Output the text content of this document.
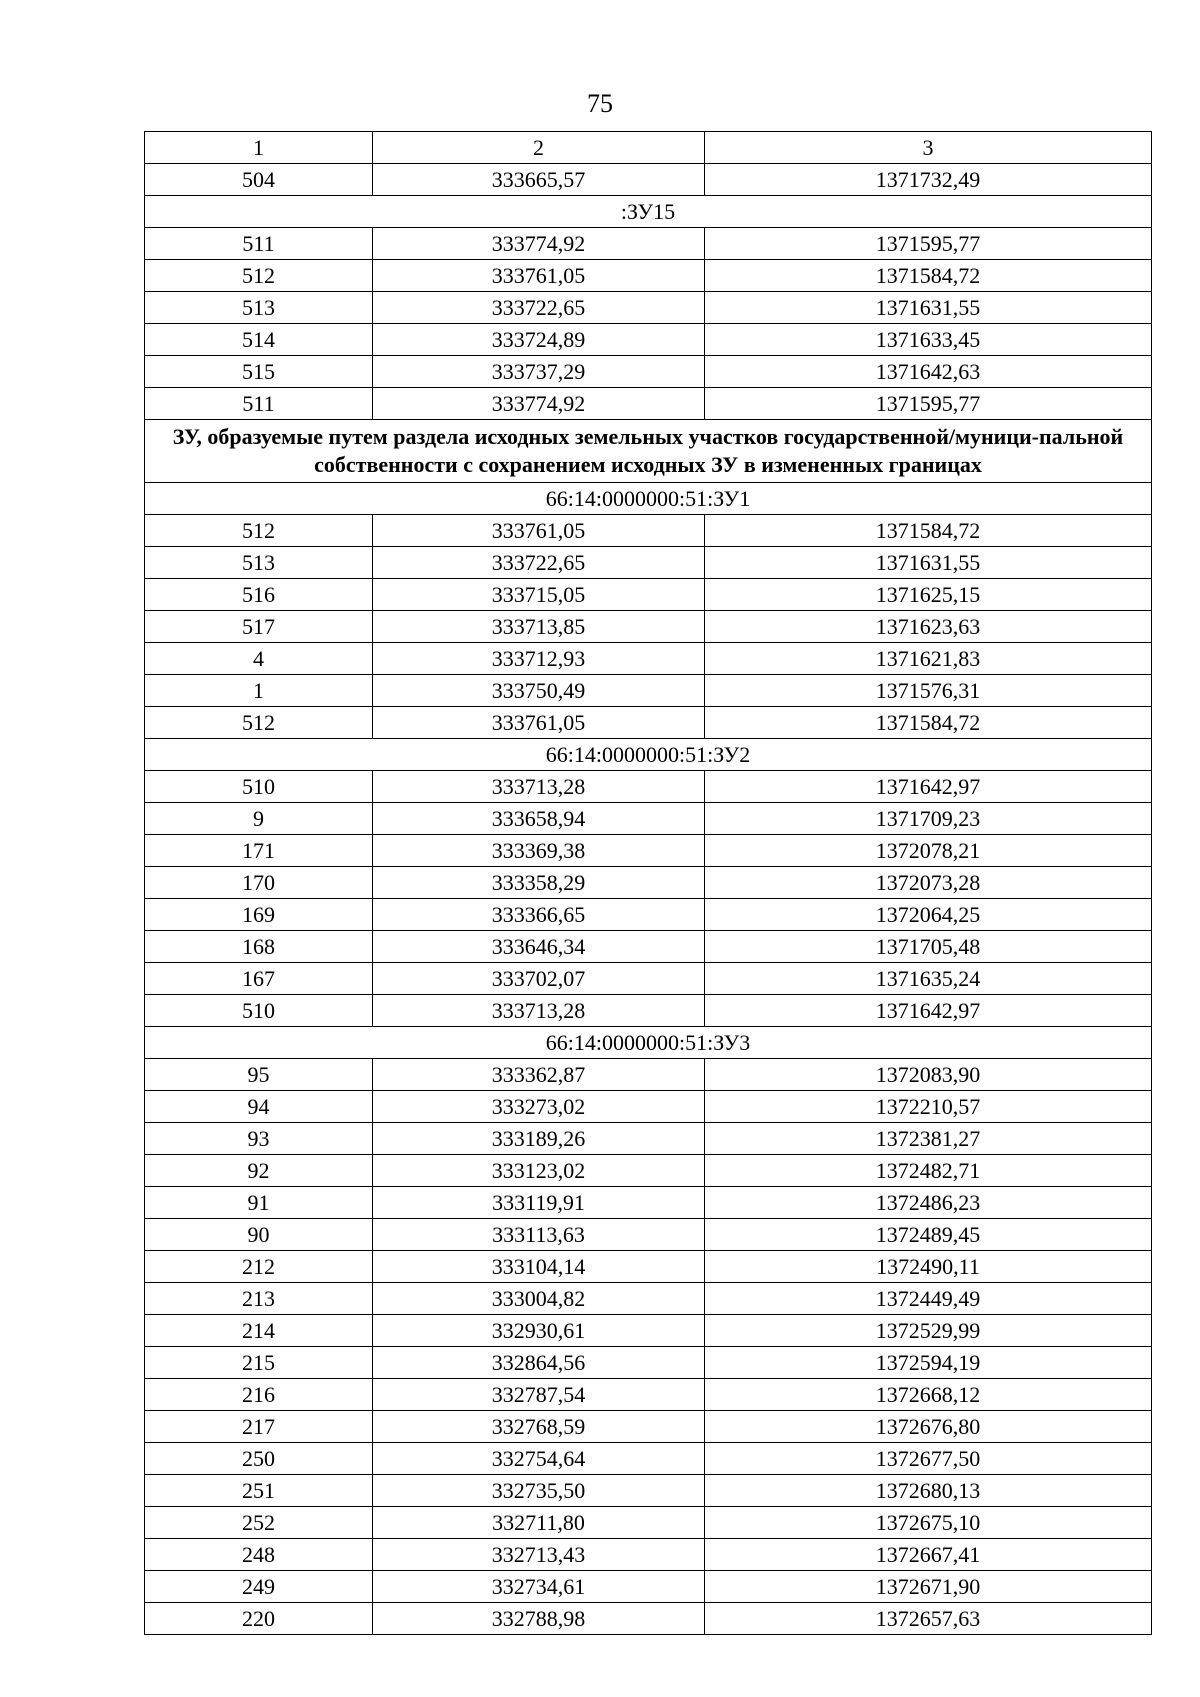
75
1	2	3
504	333665,57	1371732,49
:ЗУ15		
511	333774,92	1371595,77
512	333761,05	1371584,72
513	333722,65	1371631,55
514	333724,89	1371633,45
515	333737,29	1371642,63
511	333774,92	1371595,77
ЗУ, образуемые путем раздела исходных земельных участков государственной/муници-пальной собственности с сохранением исходных ЗУ в измененных границах		
66:14:0000000:51:ЗУ1		
512	333761,05	1371584,72
513	333722,65	1371631,55
516	333715,05	1371625,15
517	333713,85	1371623,63
4	333712,93	1371621,83
1	333750,49	1371576,31
512	333761,05	1371584,72
66:14:0000000:51:ЗУ2		
510	333713,28	1371642,97
9	333658,94	1371709,23
171	333369,38	1372078,21
170	333358,29	1372073,28
169	333366,65	1372064,25
168	333646,34	1371705,48
167	333702,07	1371635,24
510	333713,28	1371642,97
66:14:0000000:51:ЗУ3		
95	333362,87	1372083,90
94	333273,02	1372210,57
93	333189,26	1372381,27
92	333123,02	1372482,71
91	333119,91	1372486,23
90	333113,63	1372489,45
212	333104,14	1372490,11
213	333004,82	1372449,49
214	332930,61	1372529,99
215	332864,56	1372594,19
216	332787,54	1372668,12
217	332768,59	1372676,80
250	332754,64	1372677,50
251	332735,50	1372680,13
252	332711,80	1372675,10
248	332713,43	1372667,41
249	332734,61	1372671,90
220	332788,98	1372657,63
